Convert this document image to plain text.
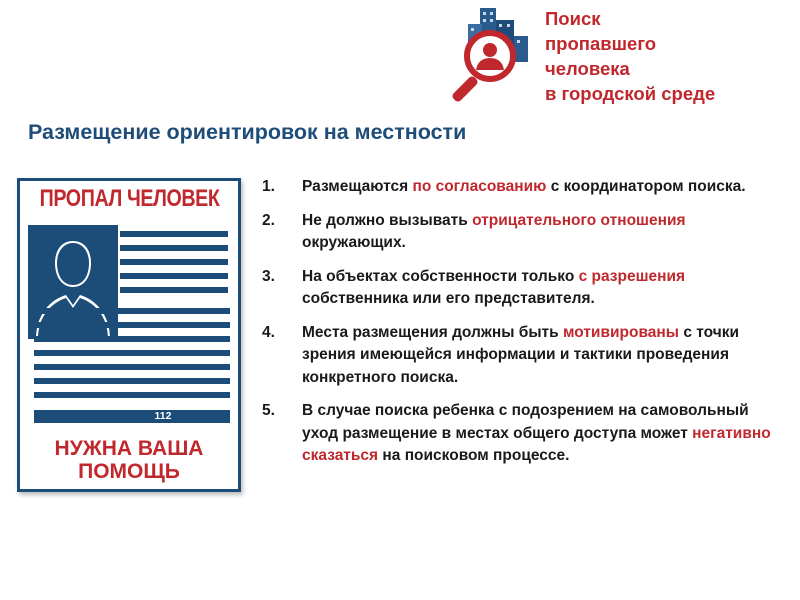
Поиск
пропавшего
человека
в городской среде
Размещение ориентировок на местности
ПРОПАЛ ЧЕЛОВЕК
112
НУЖНА ВАША ПОМОЩЬ
1. Размещаются по согласованию с координатором поиска.
2. Не должно вызывать отрицательного отношения окружающих.
3. На объектах собственности только с разрешения собственника или его представителя.
4. Места размещения должны быть мотивированы с точки зрения имеющейся информации и тактики проведения конкретного поиска.
5. В случае поиска ребенка с подозрением на самовольный уход размещение в местах общего доступа может негативно сказаться на поисковом процессе.
